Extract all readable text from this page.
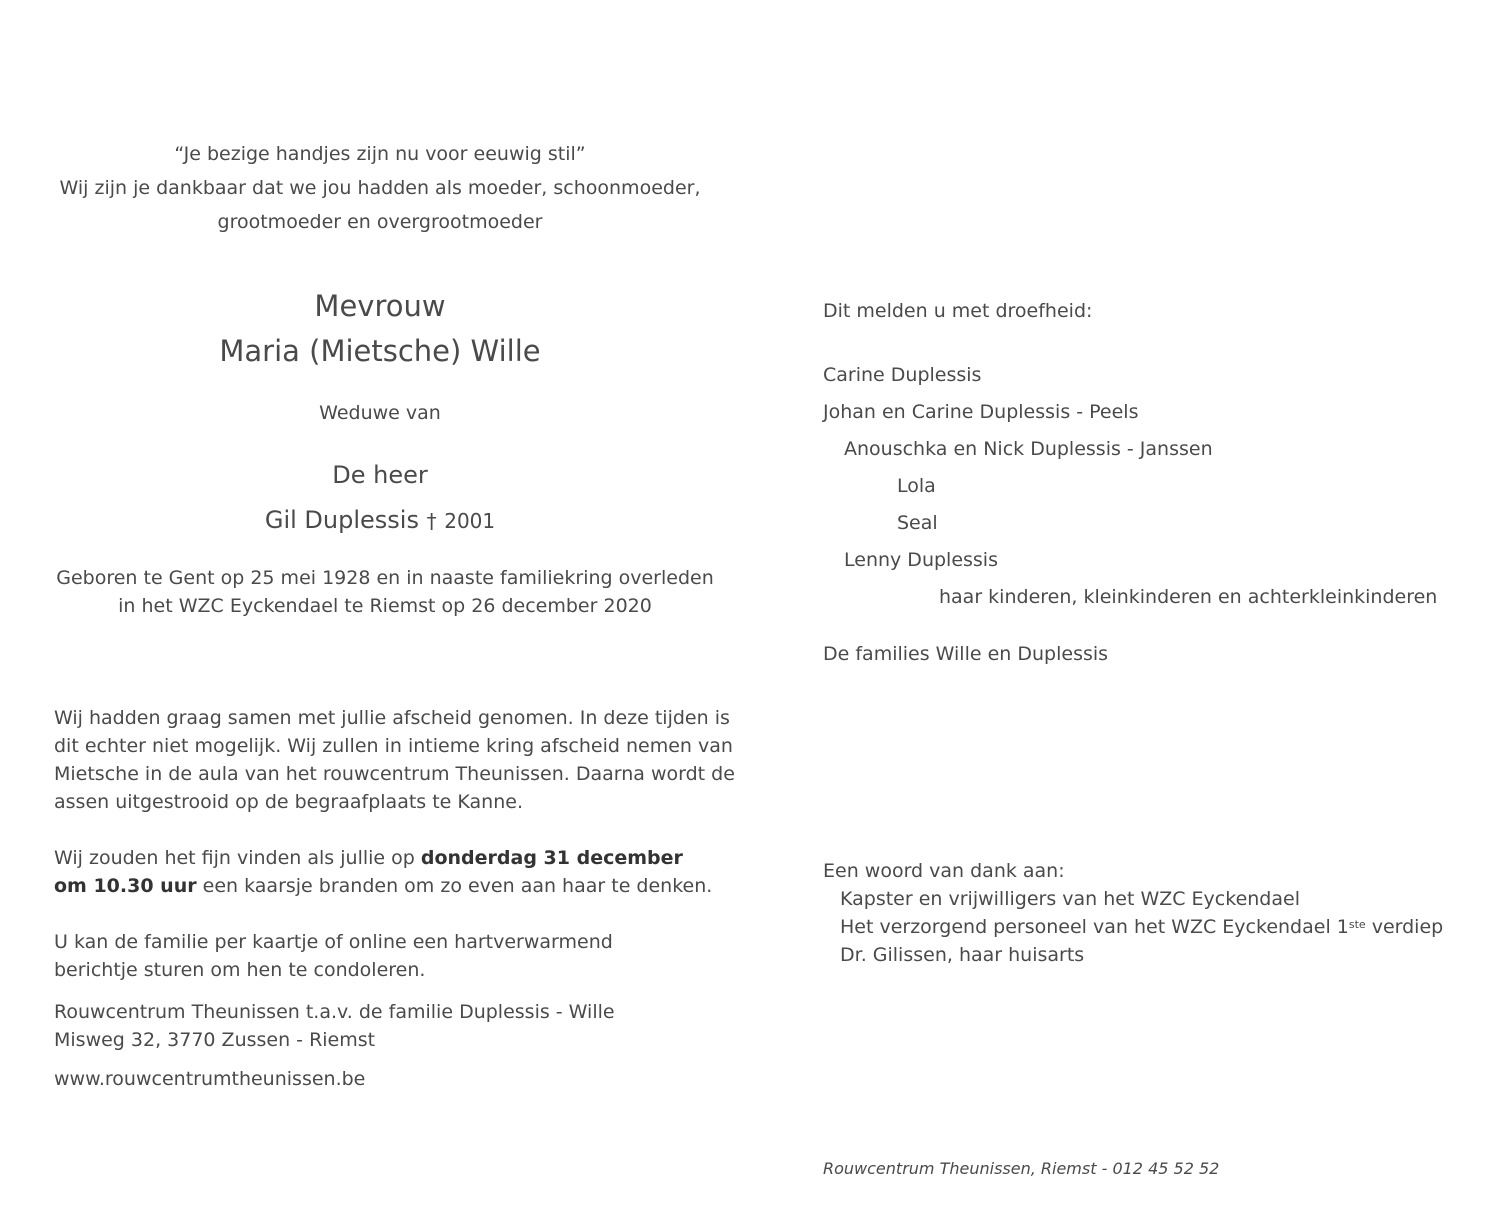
“Je bezige handjes zijn nu voor eeuwig stil”
Wij zijn je dankbaar dat we jou hadden als moeder, schoonmoeder,
grootmoeder en overgrootmoeder
Mevrouw
Maria (Mietsche) Wille
Weduwe van
De heer
Gil Duplessis † 2001
Geboren te Gent op 25 mei 1928 en in naaste familiekring overleden
in het WZC Eyckendael te Riemst op 26 december 2020
Wij hadden graag samen met jullie afscheid genomen. In deze tijden is
dit echter niet mogelijk. Wij zullen in intieme kring afscheid nemen van
Mietsche in de aula van het rouwcentrum Theunissen. Daarna wordt de
assen uitgestrooid op de begraafplaats te Kanne.
Wij zouden het fijn vinden als jullie op donderdag 31 december
om 10.30 uur een kaarsje branden om zo even aan haar te denken.
U kan de familie per kaartje of online een hartverwarmend
berichtje sturen om hen te condoleren.
Rouwcentrum Theunissen t.a.v. de familie Duplessis - Wille
Misweg 32, 3770 Zussen - Riemst
www.rouwcentrumtheunissen.be
Dit melden u met droefheid:
Carine Duplessis
Johan en Carine Duplessis - Peels
Anouschka en Nick Duplessis - Janssen
Lola
Seal
Lenny Duplessis
haar kinderen, kleinkinderen en achterkleinkinderen
De families Wille en Duplessis
Een woord van dank aan:
Kapster en vrijwilligers van het WZC Eyckendael
Het verzorgend personeel van het WZC Eyckendael 1ste verdiep
Dr. Gilissen, haar huisarts
Rouwcentrum Theunissen, Riemst - 012 45 52 52
